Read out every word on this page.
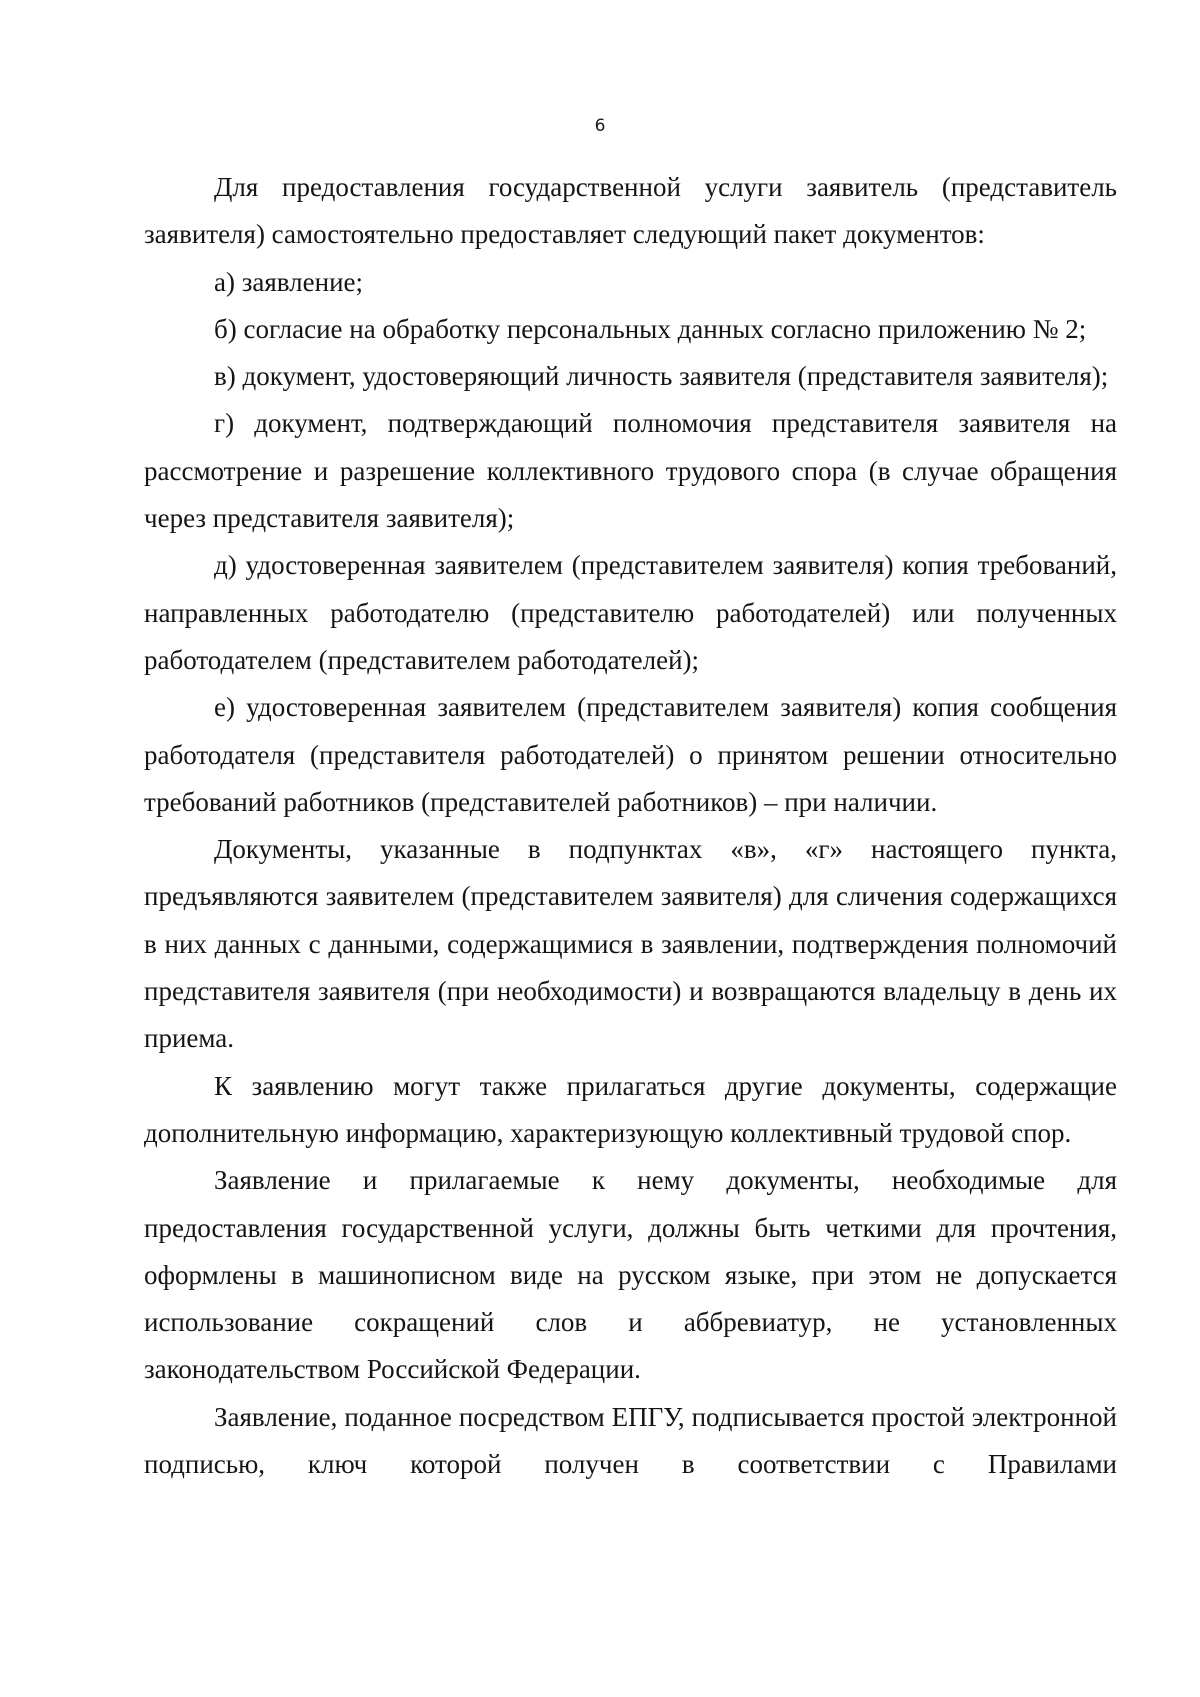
6

Для предоставления государственной услуги заявитель (представитель заявителя) самостоятельно предоставляет следующий пакет документов:

а) заявление;

б) согласие на обработку персональных данных согласно приложению № 2;

в) документ, удостоверяющий личность заявителя (представителя заявителя);

г) документ, подтверждающий полномочия представителя заявителя на рассмотрение и разрешение коллективного трудового спора (в случае обращения через представителя заявителя);

д) удостоверенная заявителем (представителем заявителя) копия требований, направленных работодателю (представителю работодателей) или полученных работодателем (представителем работодателей);

е) удостоверенная заявителем (представителем заявителя) копия сообщения работодателя (представителя работодателей) о принятом решении относительно требований работников (представителей работников) – при наличии.

Документы, указанные в подпунктах «в», «г» настоящего пункта, предъявляются заявителем (представителем заявителя) для сличения содержащихся в них данных с данными, содержащимися в заявлении, подтверждения полномочий представителя заявителя (при необходимости) и возвращаются владельцу в день их приема.

К заявлению могут также прилагаться другие документы, содержащие дополнительную информацию, характеризующую коллективный трудовой спор.

Заявление и прилагаемые к нему документы, необходимые для предоставления государственной услуги, должны быть четкими для прочтения, оформлены в машинописном виде на русском языке, при этом не допускается использование сокращений слов и аббревиатур, не установленных законодательством Российской Федерации.

Заявление, поданное посредством ЕПГУ, подписывается простой электронной подписью, ключ которой получен в соответствии с Правилами
